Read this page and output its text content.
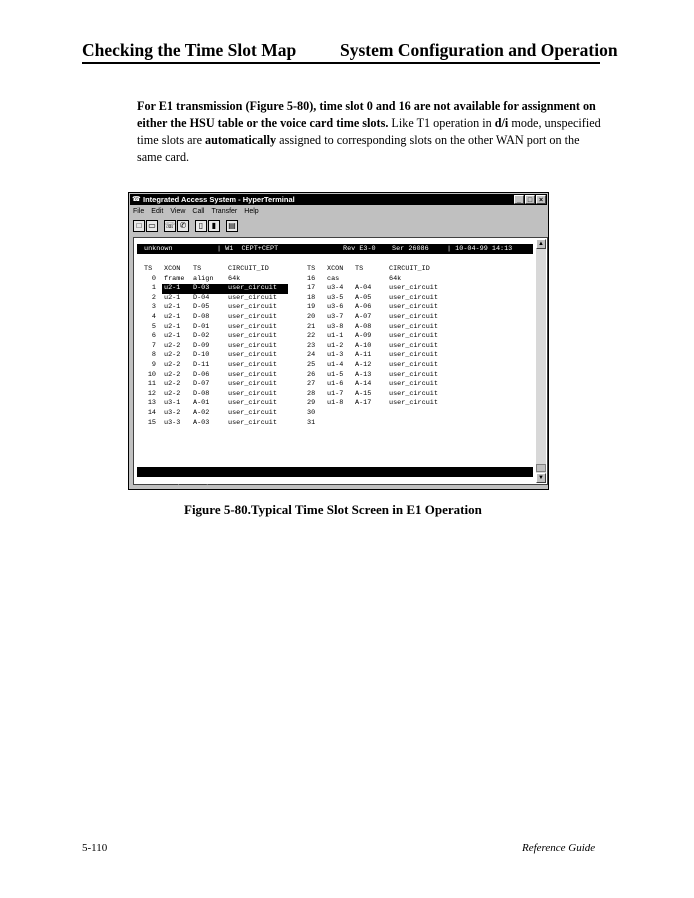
Checking the Time Slot Map	System Configuration and Operation
For E1 transmission (Figure 5-80), time slot 0 and 16 are not available for assignment on either the HSU table or the voice card time slots. Like T1 operation in d/i mode, unspecified time slots are automatically assigned to corresponding slots on the other WAN port on the same card.
☎ Integrated Access System - HyperTerminal	_ □ ×
File Edit View Call Transfer Help
□ ▭ ☏ ✆	▯	▮	▤

unknown

	| W1  CEPT+CEPT

	Rev E3-0

Ser 26086

	| 10-04-99 14:13

TS XCON TS	CIRCUIT_ID	TS XCON TS	CIRCUIT_ID
0 frame align 64k
1 u2-1 D-03	user_circuit
2 u2-1 D-04	user_circuit
3 u2-1 D-05	user_circuit
4 u2-1 D-08	user_circuit
5 u2-1 D-01	user_circuit
6 u2-1 D-02	user_circuit
7 u2-2 D-09	user_circuit
8 u2-2 D-10	user_circuit
9 u2-2 D-11	user_circuit
10 u2-2 D-06	user_circuit
11 u2-2 D-07	user_circuit
12 u2-2 D-08	user_circuit
13 u3-1 A-01	user_circuit
14 u3-2 A-02	user_circuit
15 u3-3 A-03	user_circuit
16 cas	64k
17 u3-4 A-04	user_circuit
18 u3-5 A-05	user_circuit
19 u3-6 A-06	user_circuit
20 u3-7 A-07	user_circuit
21 u3-8 A-08	user_circuit
22 u1-1 A-09	user_circuit
23 u1-2 A-10	user_circuit
24 u1-3 A-11	user_circuit
25 u1-4 A-12	user_circuit
26 u1-5 A-13	user_circuit
27 u1-6 A-14	user_circuit
28 u1-7 A-15	user_circuit
29 u1-8 A-17	user_circuit
30
31

Refresh | Test | Main

▲
▼
Figure 5-80.Typical Time Slot Screen in E1 Operation
5-110	Reference Guide
